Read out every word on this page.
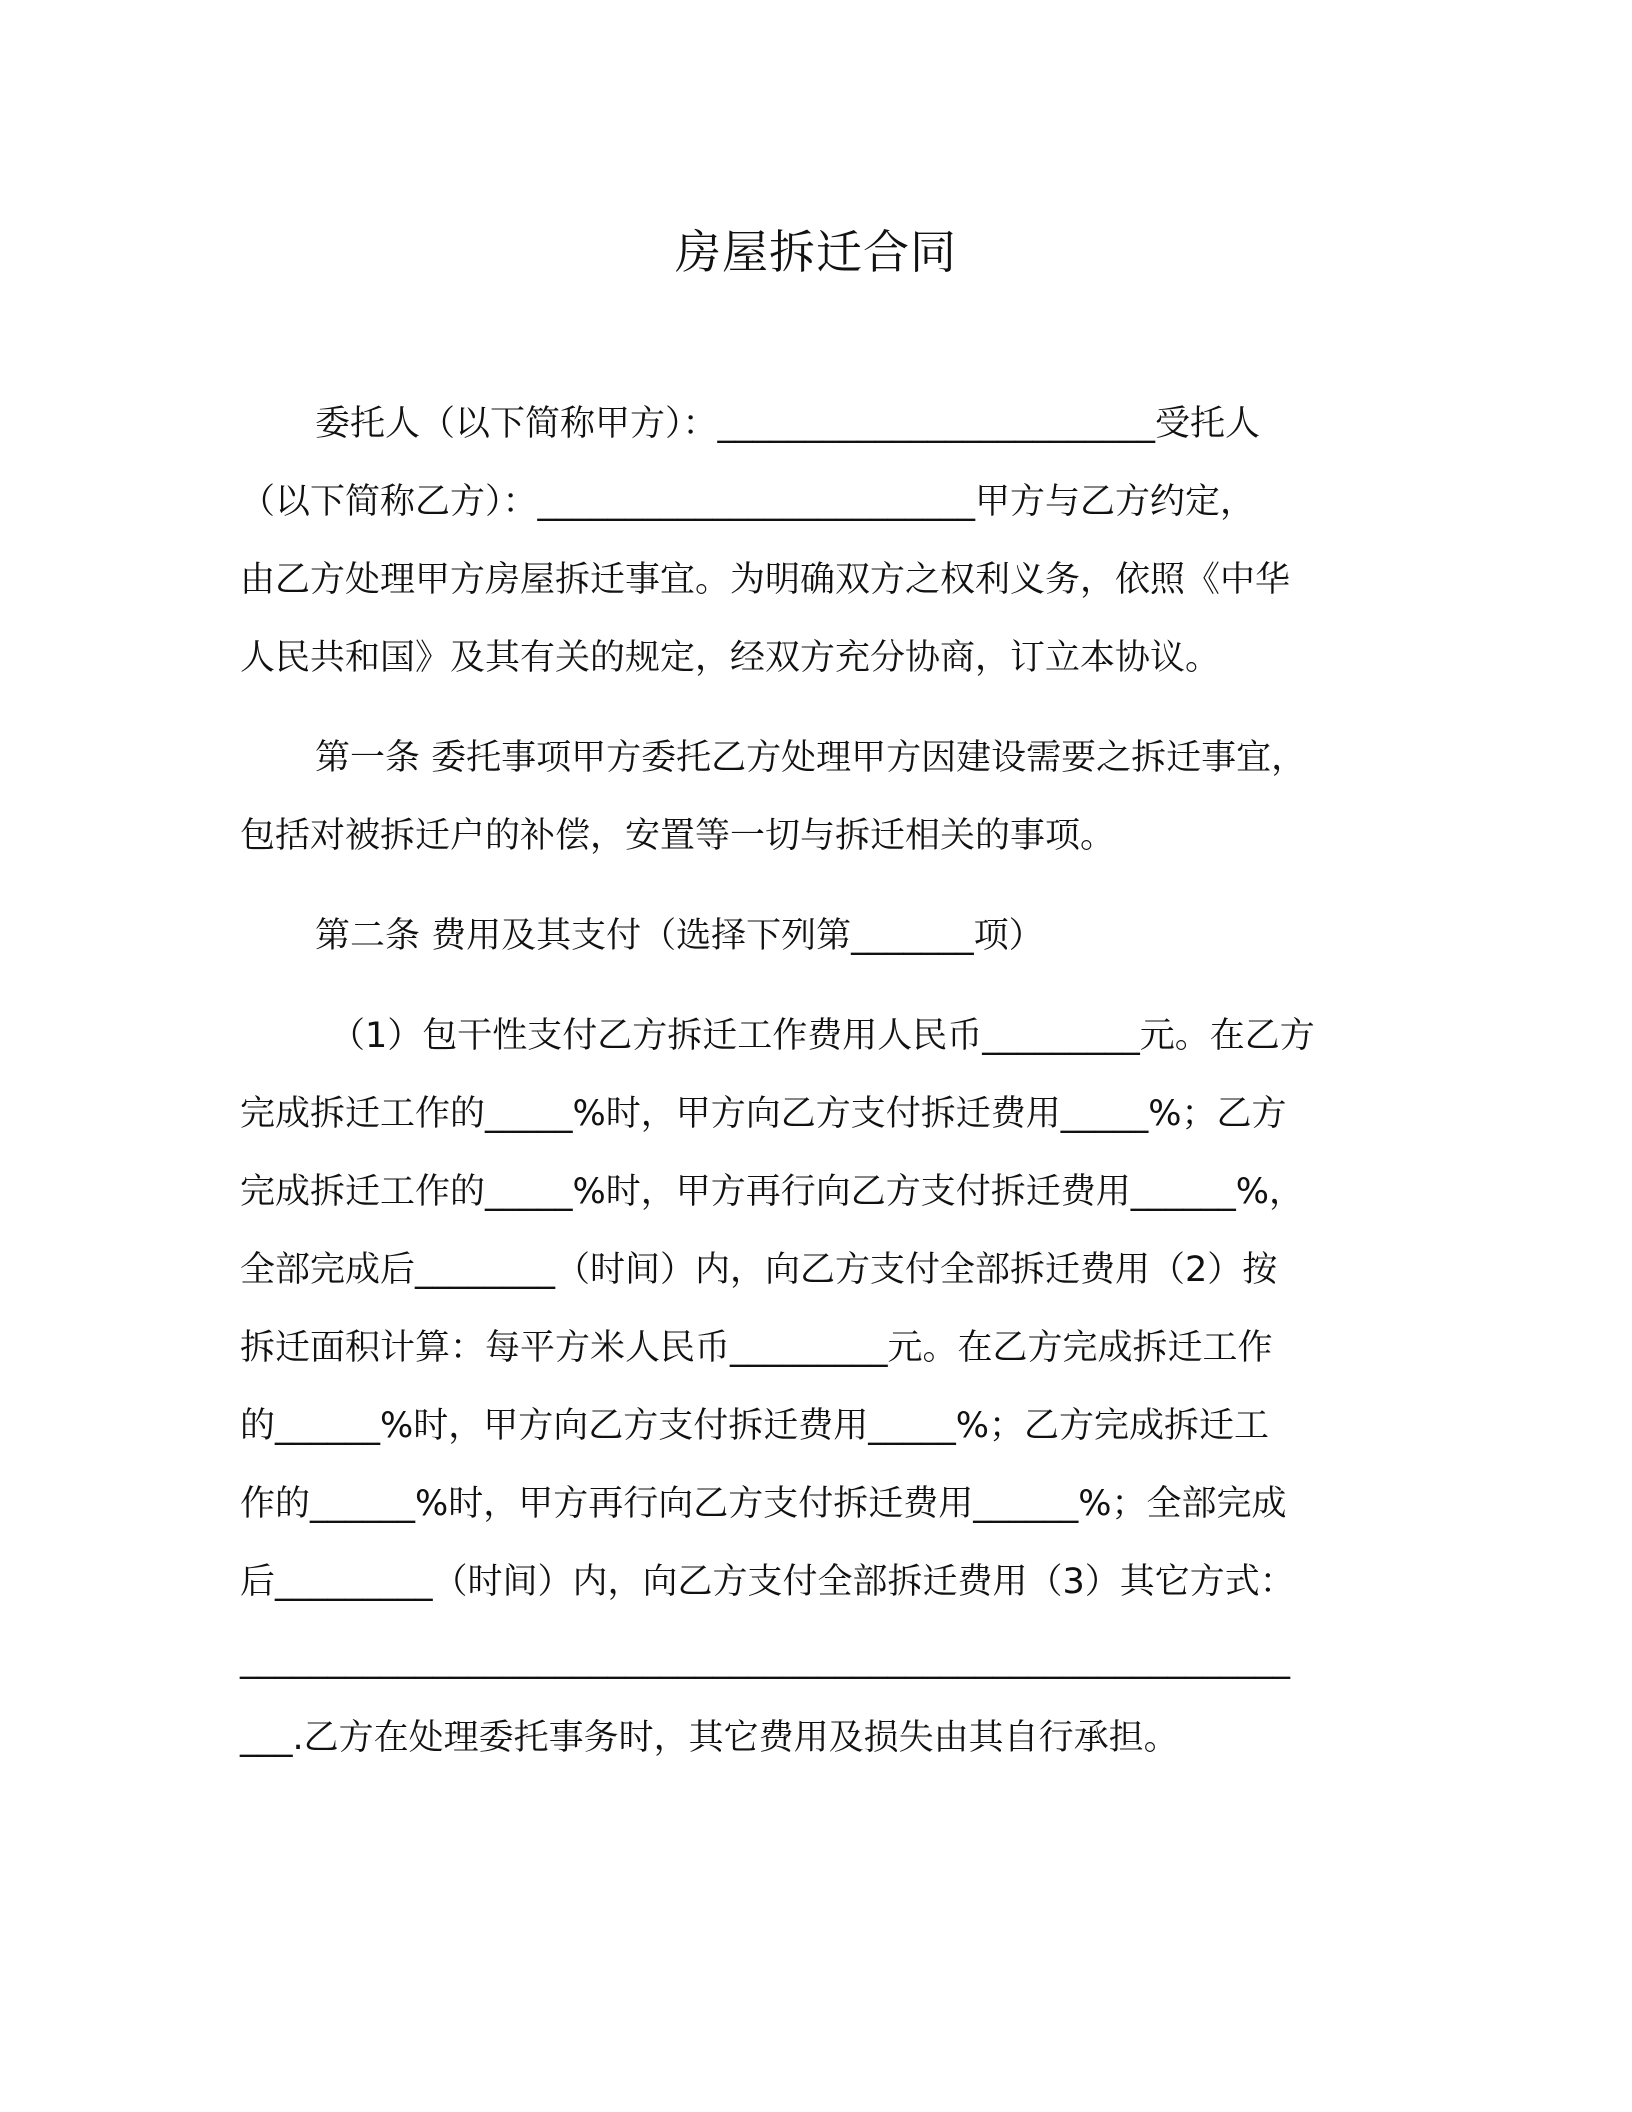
房屋拆迁合同
委托人（以下简称甲方）：_________________________受托人
（以下简称乙方）：_________________________甲方与乙方约定，
由乙方处理甲方房屋拆迁事宜。为明确双方之权利义务，依照《中华
人民共和国》及其有关的规定，经双方充分协商，订立本协议。
第一条 委托事项甲方委托乙方处理甲方因建设需要之拆迁事宜，
包括对被拆迁户的补偿，安置等一切与拆迁相关的事项。
第二条 费用及其支付（选择下列第_______项）
（1）包干性支付乙方拆迁工作费用人民币_________元。在乙方
完成拆迁工作的_____%时，甲方向乙方支付拆迁费用_____%；乙方
完成拆迁工作的_____%时，甲方再行向乙方支付拆迁费用______%，
全部完成后________（时间）内，向乙方支付全部拆迁费用（2）按
拆迁面积计算：每平方米人民币_________元。在乙方完成拆迁工作
的______%时，甲方向乙方支付拆迁费用_____%；乙方完成拆迁工
作的______%时，甲方再行向乙方支付拆迁费用______%；全部完成
后_________（时间）内，向乙方支付全部拆迁费用（3）其它方式：
____________________________________________________________
___.乙方在处理委托事务时，其它费用及损失由其自行承担。
